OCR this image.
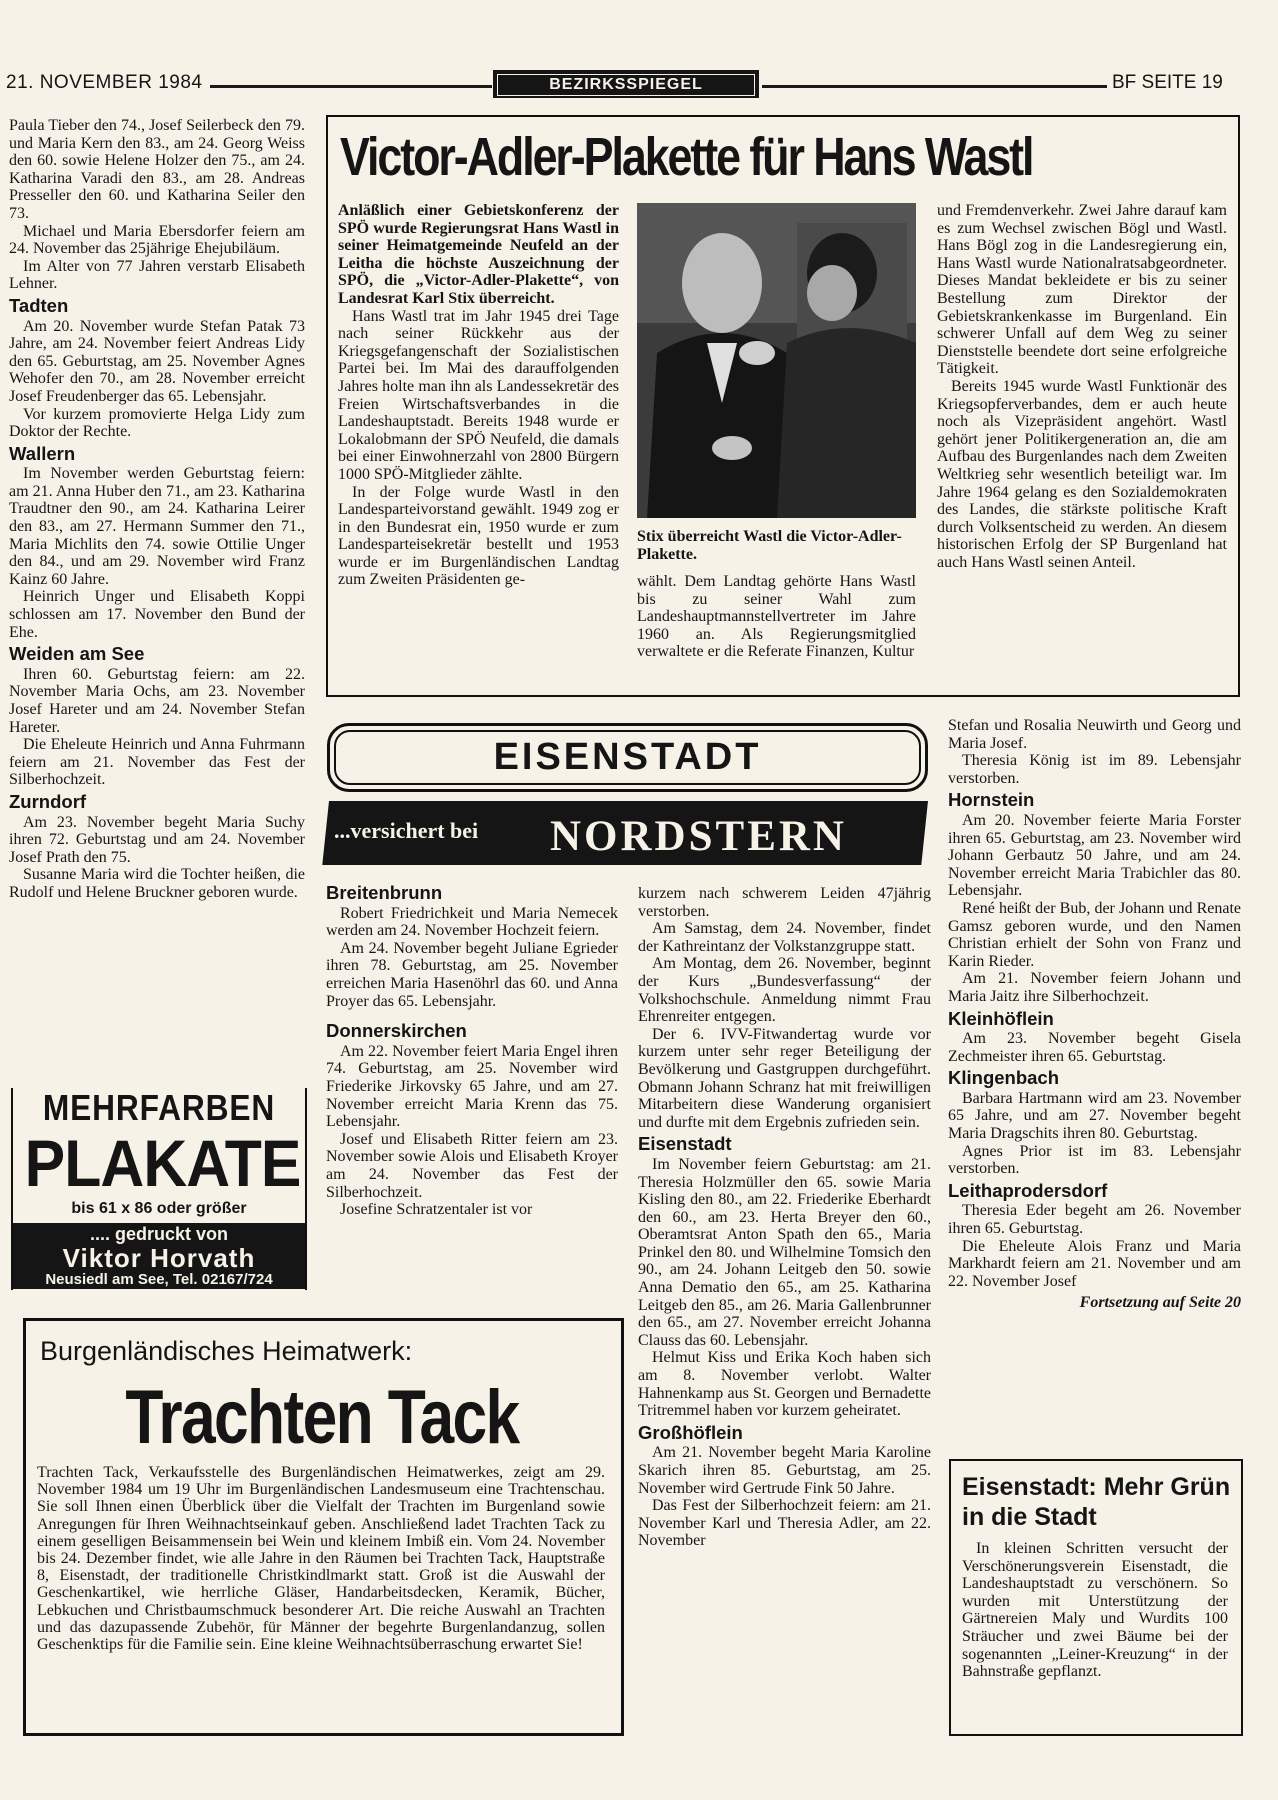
21. NOVEMBER 1984	BEZIRKSSPIEGEL	BF SEITE 19

Paula Tieber den 74., Josef Seilerbeck den 79. und Maria Kern den 83., am 24. Georg Weiss den 60. sowie Helene Holzer den 75., am 24. Katharina Varadi den 83., am 28. Andreas Presseller den 60. und Katharina Seiler den 73.

Michael und Maria Ebersdorfer feiern am 24. November das 25jährige Ehejubiläum.

Im Alter von 77 Jahren verstarb Elisabeth Lehner.

Tadten

Am 20. November wurde Stefan Patak 73 Jahre, am 24. November feiert Andreas Lidy den 65. Geburtstag, am 25. November Agnes Wehofer den 70., am 28. November erreicht Josef Freudenberger das 65. Lebensjahr.

Vor kurzem promovierte Helga Lidy zum Doktor der Rechte.

Wallern

Im November werden Geburtstag feiern: am 21. Anna Huber den 71., am 23. Katharina Traudtner den 90., am 24. Katharina Leirer den 83., am 27. Hermann Summer den 71., Maria Michlits den 74. sowie Ottilie Unger den 84., und am 29. November wird Franz Kainz 60 Jahre.

Heinrich Unger und Elisabeth Koppi schlossen am 17. November den Bund der Ehe.

Weiden am See

Ihren 60. Geburtstag feiern: am 22. November Maria Ochs, am 23. November Josef Hareter und am 24. November Stefan Hareter.

Die Eheleute Heinrich und Anna Fuhrmann feiern am 21. November das Fest der Silberhochzeit.

Zurndorf

Am 23. November begeht Maria Suchy ihren 72. Geburtstag und am 24. November Josef Prath den 75.

Susanne Maria wird die Tochter heißen, die Rudolf und Helene Bruckner geboren wurde.

Victor-Adler-Plakette für Hans Wastl

Anläßlich einer Gebietskonferenz der SPÖ wurde Regierungsrat Hans Wastl in seiner Heimatgemeinde Neufeld an der Leitha die höchste Auszeichnung der SPÖ, die „Victor-Adler-Plakette“, von Landesrat Karl Stix überreicht.

Hans Wastl trat im Jahr 1945 drei Tage nach seiner Rückkehr aus der Kriegsgefangenschaft der Sozialistischen Partei bei. Im Mai des darauffolgenden Jahres holte man ihn als Landessekretär des Freien Wirtschaftsverbandes in die Landeshauptstadt. Bereits 1948 wurde er Lokalobmann der SPÖ Neufeld, die damals bei einer Einwohnerzahl von 2800 Bürgern 1000 SPÖ-Mitglieder zählte.

In der Folge wurde Wastl in den Landesparteivorstand gewählt. 1949 zog er in den Bundesrat ein, 1950 wurde er zum Landesparteisekretär bestellt und 1953 wurde er im Burgenländischen Landtag zum Zweiten Präsidenten ge-

Stix überreicht Wastl die Victor-Adler-Plakette.

wählt. Dem Landtag gehörte Hans Wastl bis zu seiner Wahl zum Landeshauptmannstellvertreter im Jahre 1960 an. Als Regierungsmitglied verwaltete er die Referate Finanzen, Kultur

und Fremdenverkehr. Zwei Jahre darauf kam es zum Wechsel zwischen Bögl und Wastl. Hans Bögl zog in die Landesregierung ein, Hans Wastl wurde Nationalratsabgeordneter. Dieses Mandat bekleidete er bis zu seiner Bestellung zum Direktor der Gebietskrankenkasse im Burgenland. Ein schwerer Unfall auf dem Weg zu seiner Dienststelle beendete dort seine erfolgreiche Tätigkeit.

Bereits 1945 wurde Wastl Funktionär des Kriegsopferverbandes, dem er auch heute noch als Vizepräsident angehört. Wastl gehört jener Politikergeneration an, die am Aufbau des Burgenlandes nach dem Zweiten Weltkrieg sehr wesentlich beteiligt war. Im Jahre 1964 gelang es den Sozialdemokraten des Landes, die stärkste politische Kraft durch Volksentscheid zu werden. An diesem historischen Erfolg der SP Burgenland hat auch Hans Wastl seinen Anteil.

EISENSTADT
...versichert bei NORDSTERN
Breitenbrunn

Robert Friedrichkeit und Maria Nemecek werden am 24. November Hochzeit feiern.

Am 24. November begeht Juliane Egrieder ihren 78. Geburtstag, am 25. November erreichen Maria Hasenöhrl das 60. und Anna Proyer das 65. Lebensjahr.

Donnerskirchen

Am 22. November feiert Maria Engel ihren 74. Geburtstag, am 25. November wird Friederike Jirkovsky 65 Jahre, und am 27. November erreicht Maria Krenn das 75. Lebensjahr.

Josef und Elisabeth Ritter feiern am 23. November sowie Alois und Elisabeth Kroyer am 24. November das Fest der Silberhochzeit.

Josefine Schratzentaler ist vor

kurzem nach schwerem Leiden 47jährig verstorben.

Am Samstag, dem 24. November, findet der Kathreintanz der Volkstanzgruppe statt.

Am Montag, dem 26. November, beginnt der Kurs „Bundesverfassung“ der Volkshochschule. Anmeldung nimmt Frau Ehrenreiter entgegen.

Der 6. IVV-Fitwandertag wurde vor kurzem unter sehr reger Beteiligung der Bevölkerung und Gastgruppen durchgeführt. Obmann Johann Schranz hat mit freiwilligen Mitarbeitern diese Wanderung organisiert und durfte mit dem Ergebnis zufrieden sein.

Eisenstadt

Im November feiern Geburtstag: am 21. Theresia Holzmüller den 65. sowie Maria Kisling den 80., am 22. Friederike Eberhardt den 60., am 23. Herta Breyer den 60., Oberamtsrat Anton Spath den 65., Maria Prinkel den 80. und Wilhelmine Tomsich den 90., am 24. Johann Leitgeb den 50. sowie Anna Dematio den 65., am 25. Katharina Leitgeb den 85., am 26. Maria Gallenbrunner den 65., am 27. November erreicht Johanna Clauss das 60. Lebensjahr.

Helmut Kiss und Erika Koch haben sich am 8. November verlobt. Walter Hahnenkamp aus St. Georgen und Bernadette Tritremmel haben vor kurzem geheiratet.

Großhöflein

Am 21. November begeht Maria Karoline Skarich ihren 85. Geburtstag, am 25. November wird Gertrude Fink 50 Jahre.

Das Fest der Silberhochzeit feiern: am 21. November Karl und Theresia Adler, am 22. November

Stefan und Rosalia Neuwirth und Georg und Maria Josef.

Theresia König ist im 89. Lebensjahr verstorben.

Hornstein

Am 20. November feierte Maria Forster ihren 65. Geburtstag, am 23. November wird Johann Gerbautz 50 Jahre, und am 24. November erreicht Maria Trabichler das 80. Lebensjahr.

René heißt der Bub, der Johann und Renate Gamsz geboren wurde, und den Namen Christian erhielt der Sohn von Franz und Karin Rieder.

Am 21. November feiern Johann und Maria Jaitz ihre Silberhochzeit.

Kleinhöflein

Am 23. November begeht Gisela Zechmeister ihren 65. Geburtstag.

Klingenbach

Barbara Hartmann wird am 23. November 65 Jahre, und am 27. November begeht Maria Dragschits ihren 80. Geburtstag.

Agnes Prior ist im 83. Lebensjahr verstorben.

Leithaprodersdorf

Theresia Eder begeht am 26. November ihren 65. Geburtstag.

Die Eheleute Alois Franz und Maria Markhardt feiern am 21. November und am 22. November Josef

Fortsetzung auf Seite 20

MEHRFARBEN
PLAKATE
bis 61 x 86 oder größer
.... gedruckt von
Viktor Horvath
Neusiedl am See, Tel. 02167/724
Burgenländisches Heimatwerk:
Trachten Tack
Trachten Tack, Verkaufsstelle des Burgenländischen Heimatwerkes, zeigt am 29. November 1984 um 19 Uhr im Burgenländischen Landesmuseum eine Trachtenschau. Sie soll Ihnen einen Überblick über die Vielfalt der Trachten im Burgenland sowie Anregungen für Ihren Weihnachtseinkauf geben. Anschließend ladet Trachten Tack zu einem geselligen Beisammensein bei Wein und kleinem Imbiß ein. Vom 24. November bis 24. Dezember findet, wie alle Jahre in den Räumen bei Trachten Tack, Hauptstraße 8, Eisenstadt, der traditionelle Christkindlmarkt statt. Groß ist die Auswahl der Geschenkartikel, wie herrliche Gläser, Handarbeitsdecken, Keramik, Bücher, Lebkuchen und Christbaumschmuck besonderer Art. Die reiche Auswahl an Trachten und das dazupassende Zubehör, für Männer der begehrte Burgenlandanzug, sollen Geschenktips für die Familie sein. Eine kleine Weihnachtsüberraschung erwartet Sie!
Eisenstadt: Mehr Grün in die Stadt
In kleinen Schritten versucht der Verschönerungsverein Eisenstadt, die Landeshauptstadt zu verschönern. So wurden mit Unterstützung der Gärtnereien Maly und Wurdits 100 Sträucher und zwei Bäume bei der sogenannten „Leiner-Kreuzung“ in der Bahnstraße gepflanzt.
